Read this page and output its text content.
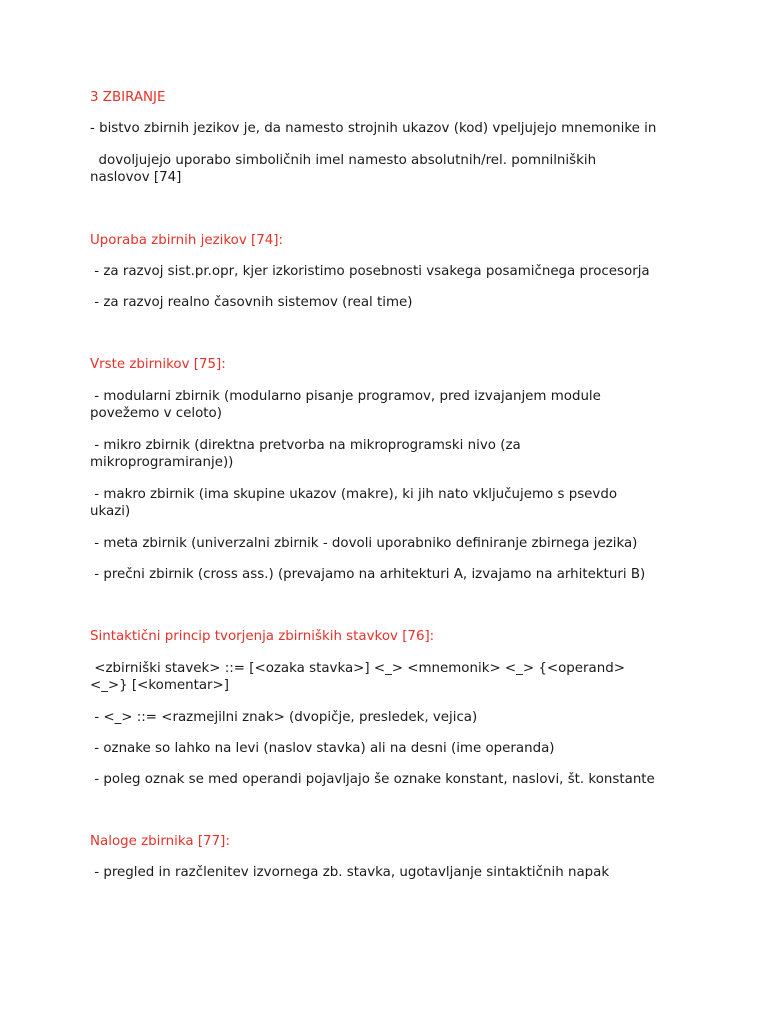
3 ZBIRANJE
- bistvo zbirnih jezikov je, da namesto strojnih ukazov (kod) vpeljujejo mnemonike in
dovoljujejo uporabo simboličnih imel namesto absolutnih/rel. pomnilniških naslovov [74]
Uporaba zbirnih jezikov [74]:
- za razvoj sist.pr.opr, kjer izkoristimo posebnosti vsakega posamičnega procesorja
- za razvoj realno časovnih sistemov (real time)
Vrste zbirnikov [75]:
- modularni zbirnik (modularno pisanje programov, pred izvajanjem module povežemo v celoto)
- mikro zbirnik (direktna pretvorba na mikroprogramski nivo (za mikroprogramiranje))
- makro zbirnik (ima skupine ukazov (makre), ki jih nato vključujemo s psevdo ukazi)
- meta zbirnik (univerzalni zbirnik - dovoli uporabniko definiranje zbirnega jezika)
- prečni zbirnik (cross ass.) (prevajamo na arhitekturi A, izvajamo na arhitekturi B)
Sintaktični princip tvorjenja zbirniških stavkov [76]:
<zbirniški stavek> ::= [<ozaka stavka>] <_> <mnemonik> <_> {<operand> <_>} [<komentar>]
- <_> ::= <razmejilni znak> (dvopičje, presledek, vejica)
- oznake so lahko na levi (naslov stavka) ali na desni (ime operanda)
- poleg oznak se med operandi pojavljajo še oznake konstant, naslovi, št. konstante
Naloge zbirnika [77]:
- pregled in razčlenitev izvornega zb. stavka, ugotavljanje sintaktičnih napak
